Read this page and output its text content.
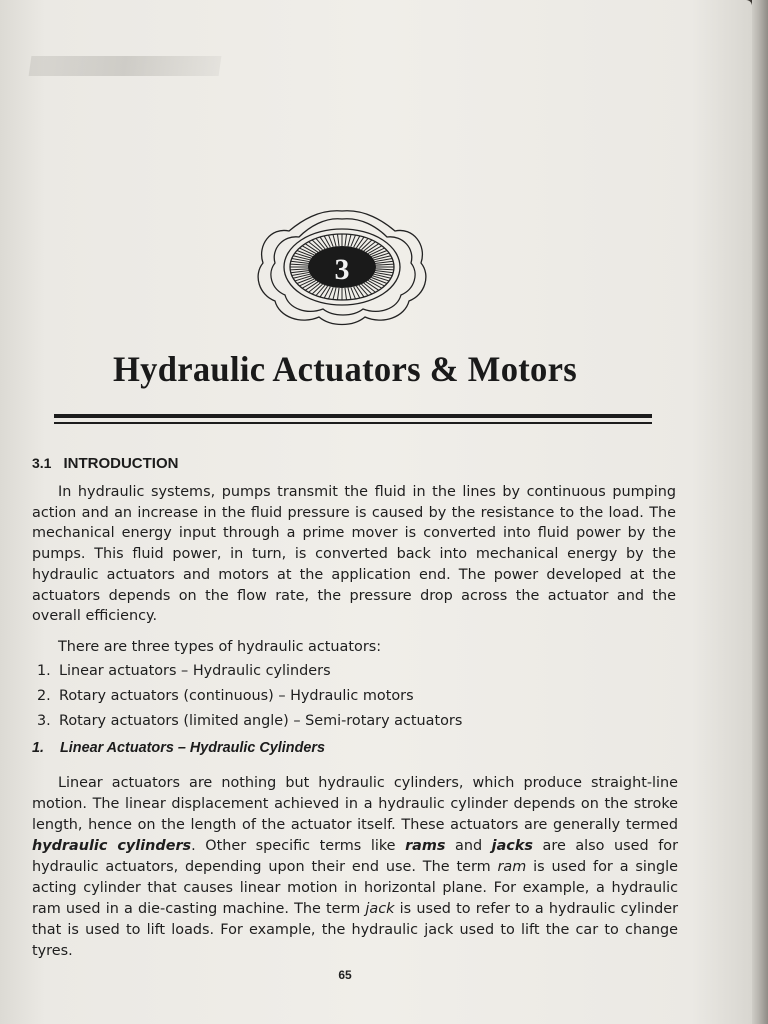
3
Hydraulic Actuators & Motors
3.1 INTRODUCTION

In hydraulic systems, pumps transmit the fluid in the lines by continuous pumping action and an increase in the fluid pressure is caused by the resistance to the load. The mechanical energy input through a prime mover is converted into fluid power by the pumps. This fluid power, in turn, is converted back into mechanical energy by the hydraulic actuators and motors at the application end. The power developed at the actuators depends on the flow rate, the pressure drop across the actuator and the overall efficiency.

There are three types of hydraulic actuators:
1. Linear actuators – Hydraulic cylinders
2. Rotary actuators (continuous) – Hydraulic motors
3. Rotary actuators (limited angle) – Semi-rotary actuators
1. Linear Actuators – Hydraulic Cylinders

Linear actuators are nothing but hydraulic cylinders, which produce straight-line motion. The linear displacement achieved in a hydraulic cylinder depends on the stroke length, hence on the length of the actuator itself. These actuators are generally termed hydraulic cylinders. Other specific terms like rams and jacks are also used for hydraulic actuators, depending upon their end use. The term ram is used for a single acting cylinder that causes linear motion in horizontal plane. For example, a hydraulic ram used in a die-casting machine. The term jack is used to refer to a hydraulic cylinder that is used to lift loads. For example, the hydraulic jack used to lift the car to change tyres.

65
